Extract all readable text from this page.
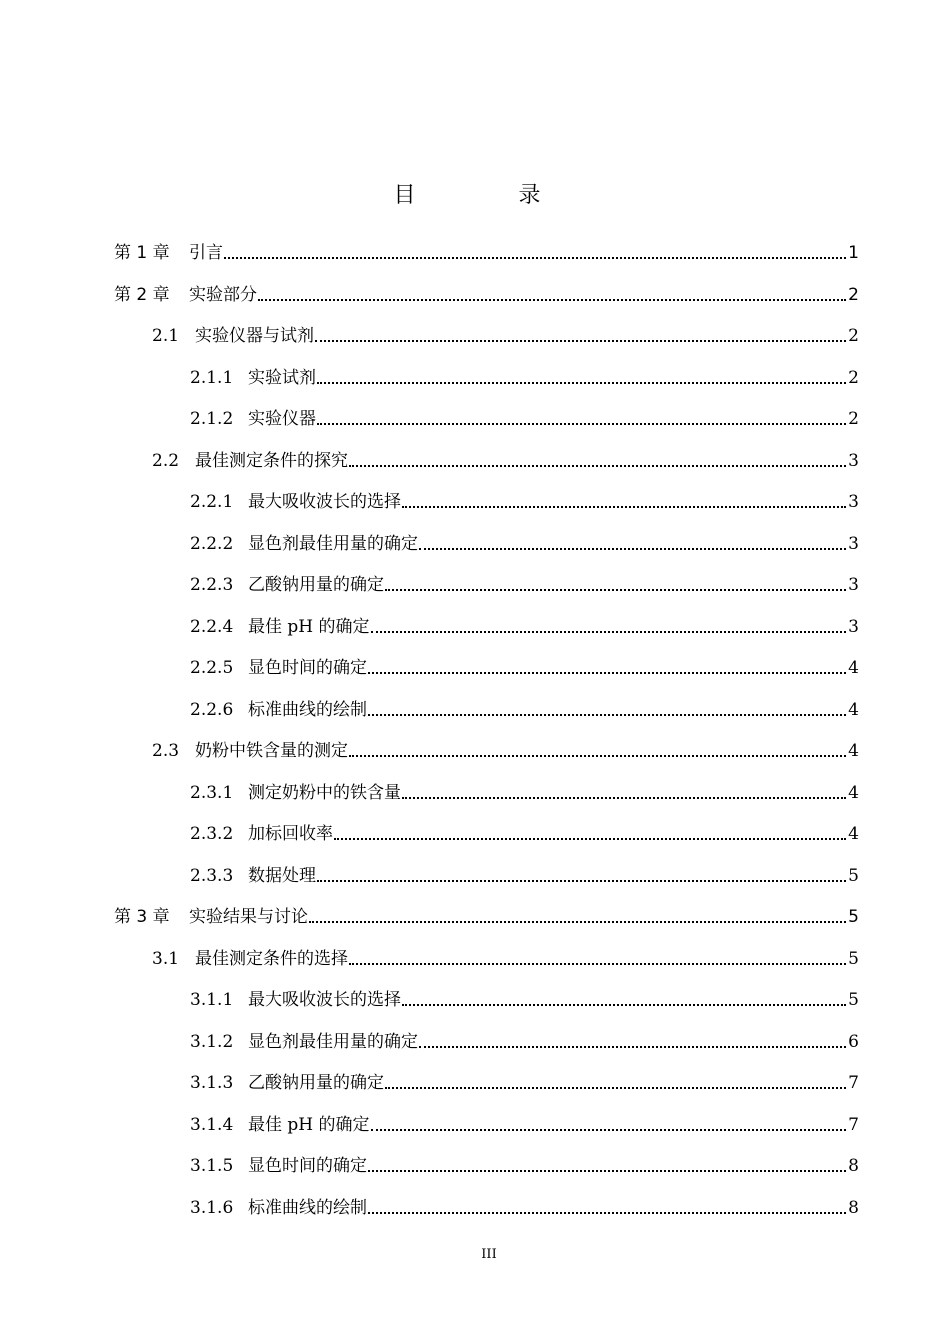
目 录
第 1 章	引言	1
第 2 章	实验部分	2
2.1 实验仪器与试剂	2
2.1.1 实验试剂	2
2.1.2 实验仪器	2
2.2 最佳测定条件的探究	3
2.2.1 最大吸收波长的选择	3
2.2.2 显色剂最佳用量的确定	3
2.2.3 乙酸钠用量的确定	3
2.2.4 最佳 pH 的确定	3
2.2.5 显色时间的确定	4
2.2.6 标准曲线的绘制	4
2.3 奶粉中铁含量的测定	4
2.3.1 测定奶粉中的铁含量	4
2.3.2 加标回收率	4
2.3.3 数据处理	5
第 3 章	实验结果与讨论	5
3.1 最佳测定条件的选择	5
3.1.1 最大吸收波长的选择	5
3.1.2 显色剂最佳用量的确定	6
3.1.3 乙酸钠用量的确定	7
3.1.4 最佳 pH 的确定	7
3.1.5 显色时间的确定	8
3.1.6 标准曲线的绘制	8
III
